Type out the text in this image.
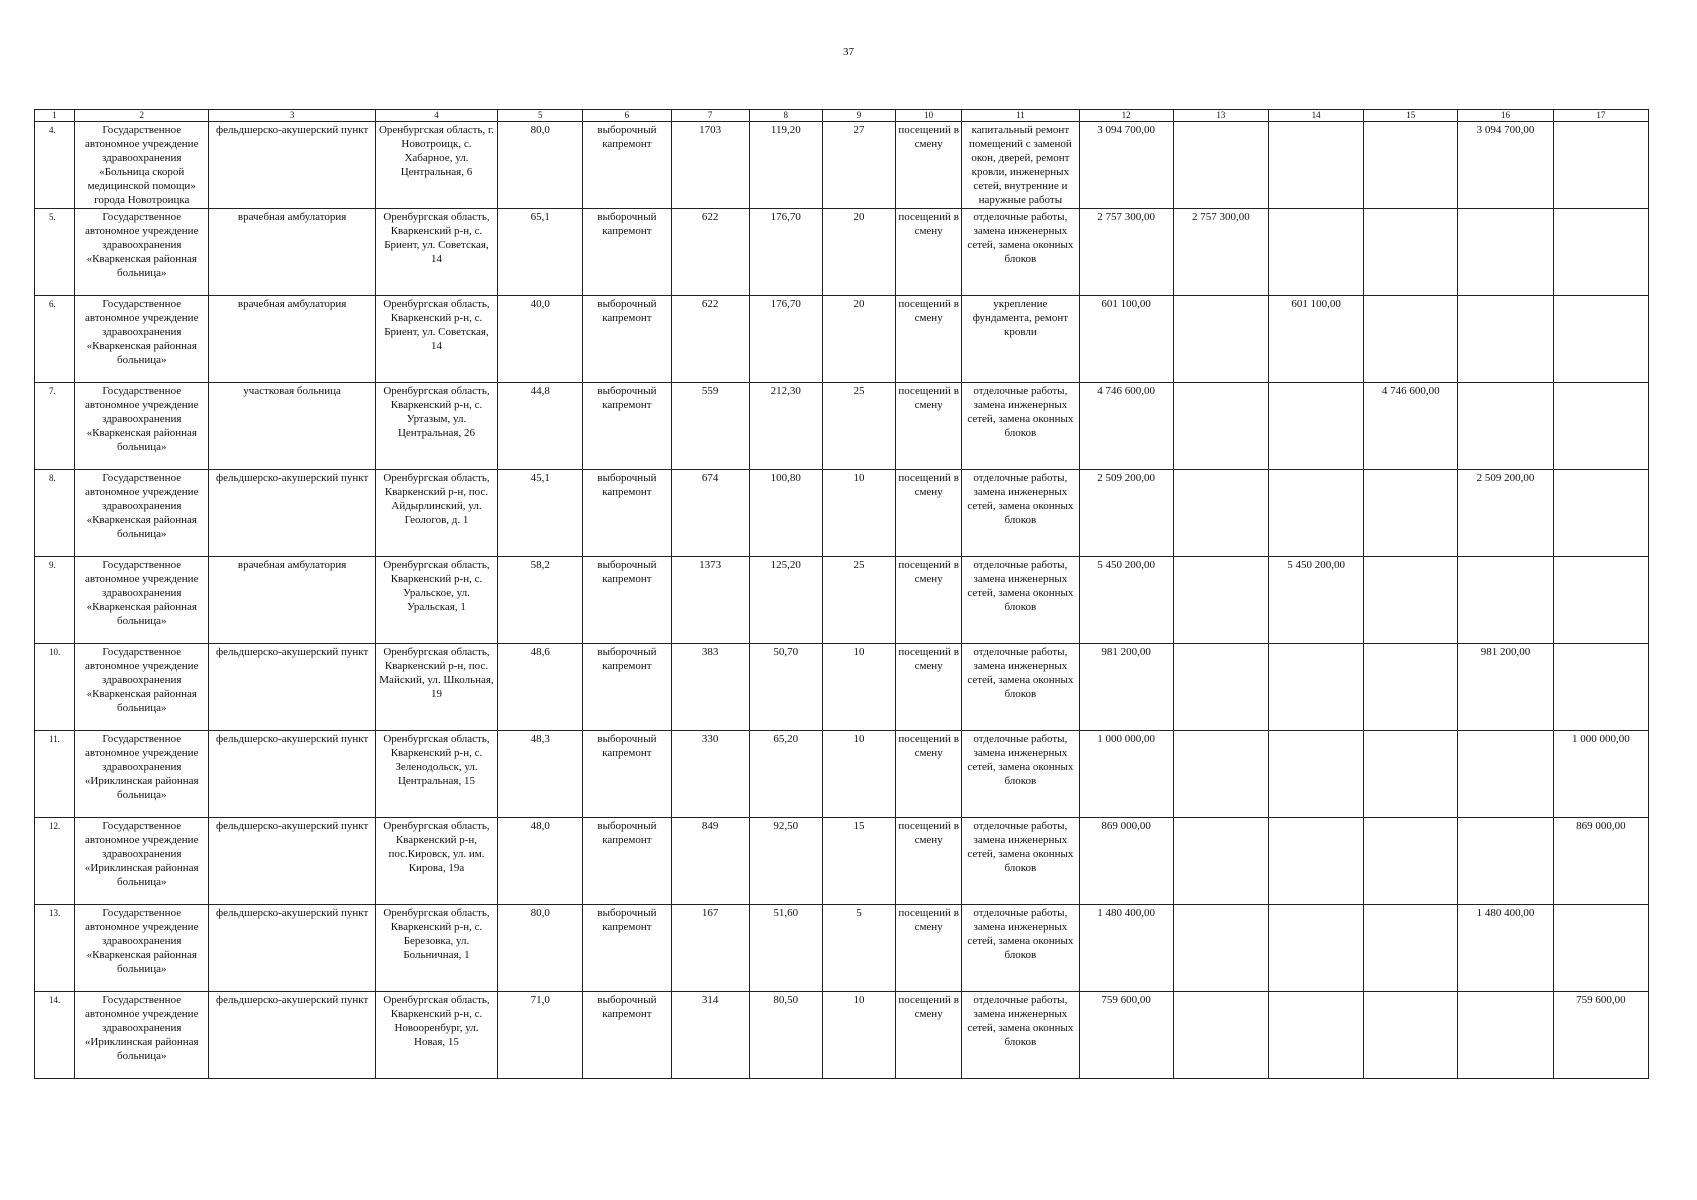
37
1	2	3	4	5	6	7	8	9	10	11	12	13	14	15	16	17
4.	Государственное автономное учреждение здравоохранения «Больница скорой медицинской помощи» города Новотроицка	фельдшерско-акушерский пункт	Оренбургская область, г. Новотроицк, с. Хабарное, ул. Центральная, 6	80,0	выборочный капремонт	1703	119,20	27	посещений в смену	капитальный ремонт помещений с заменой окон, дверей, ремонт кровли, инженерных сетей, внутренние и наружные работы	3 094 700,00				3 094 700,00	
5.	Государственное автономное учреждение здравоохранения «Кваркенская районная больница»	врачебная амбулатория	Оренбургская область, Кваркенский р-н, с. Бриент, ул. Советская, 14	65,1	выборочный капремонт	622	176,70	20	посещений в смену	отделочные работы, замена инженерных сетей, замена оконных блоков	2 757 300,00	2 757 300,00				
6.	Государственное автономное учреждение здравоохранения «Кваркенская районная больница»	врачебная амбулатория	Оренбургская область, Кваркенский р-н, с. Бриент, ул. Советская, 14	40,0	выборочный капремонт	622	176,70	20	посещений в смену	укрепление фундамента, ремонт кровли	601 100,00		601 100,00			
7.	Государственное автономное учреждение здравоохранения «Кваркенская районная больница»	участковая больница	Оренбургская область, Кваркенский р-н, с. Уртазым, ул. Центральная, 26	44,8	выборочный капремонт	559	212,30	25	посещений в смену	отделочные работы, замена инженерных сетей, замена оконных блоков	4 746 600,00			4 746 600,00		
8.	Государственное автономное учреждение здравоохранения «Кваркенская районная больница»	фельдшерско-акушерский пункт	Оренбургская область, Кваркенский р-н, пос. Айдырлинский, ул. Геологов, д. 1	45,1	выборочный капремонт	674	100,80	10	посещений в смену	отделочные работы, замена инженерных сетей, замена оконных блоков	2 509 200,00				2 509 200,00	
9.	Государственное автономное учреждение здравоохранения «Кваркенская районная больница»	врачебная амбулатория	Оренбургская область, Кваркенский р-н, с. Уральское, ул. Уральская, 1	58,2	выборочный капремонт	1373	125,20	25	посещений в смену	отделочные работы, замена инженерных сетей, замена оконных блоков	5 450 200,00		5 450 200,00			
10.	Государственное автономное учреждение здравоохранения «Кваркенская районная больница»	фельдшерско-акушерский пункт	Оренбургская область, Кваркенский р-н, пос. Майский, ул. Школьная, 19	48,6	выборочный капремонт	383	50,70	10	посещений в смену	отделочные работы, замена инженерных сетей, замена оконных блоков	981 200,00				981 200,00	
11.	Государственное автономное учреждение здравоохранения «Ириклинская районная больница»	фельдшерско-акушерский пункт	Оренбургская область, Кваркенский р-н, с. Зеленодольск, ул. Центральная, 15	48,3	выборочный капремонт	330	65,20	10	посещений в смену	отделочные работы, замена инженерных сетей, замена оконных блоков	1 000 000,00					1 000 000,00
12.	Государственное автономное учреждение здравоохранения «Ириклинская районная больница»	фельдшерско-акушерский пункт	Оренбургская область, Кваркенский р-н, пос.Кировск, ул. им. Кирова, 19а	48,0	выборочный капремонт	849	92,50	15	посещений в смену	отделочные работы, замена инженерных сетей, замена оконных блоков	869 000,00					869 000,00
13.	Государственное автономное учреждение здравоохранения «Кваркенская районная больница»	фельдшерско-акушерский пункт	Оренбургская область, Кваркенский р-н, с. Березовка, ул. Больничная, 1	80,0	выборочный капремонт	167	51,60	5	посещений в смену	отделочные работы, замена инженерных сетей, замена оконных блоков	1 480 400,00				1 480 400,00	
14.	Государственное автономное учреждение здравоохранения «Ириклинская районная больница»	фельдшерско-акушерский пункт	Оренбургская область, Кваркенский р-н, с. Новооренбург, ул. Новая, 15	71,0	выборочный капремонт	314	80,50	10	посещений в смену	отделочные работы, замена инженерных сетей, замена оконных блоков	759 600,00					759 600,00
